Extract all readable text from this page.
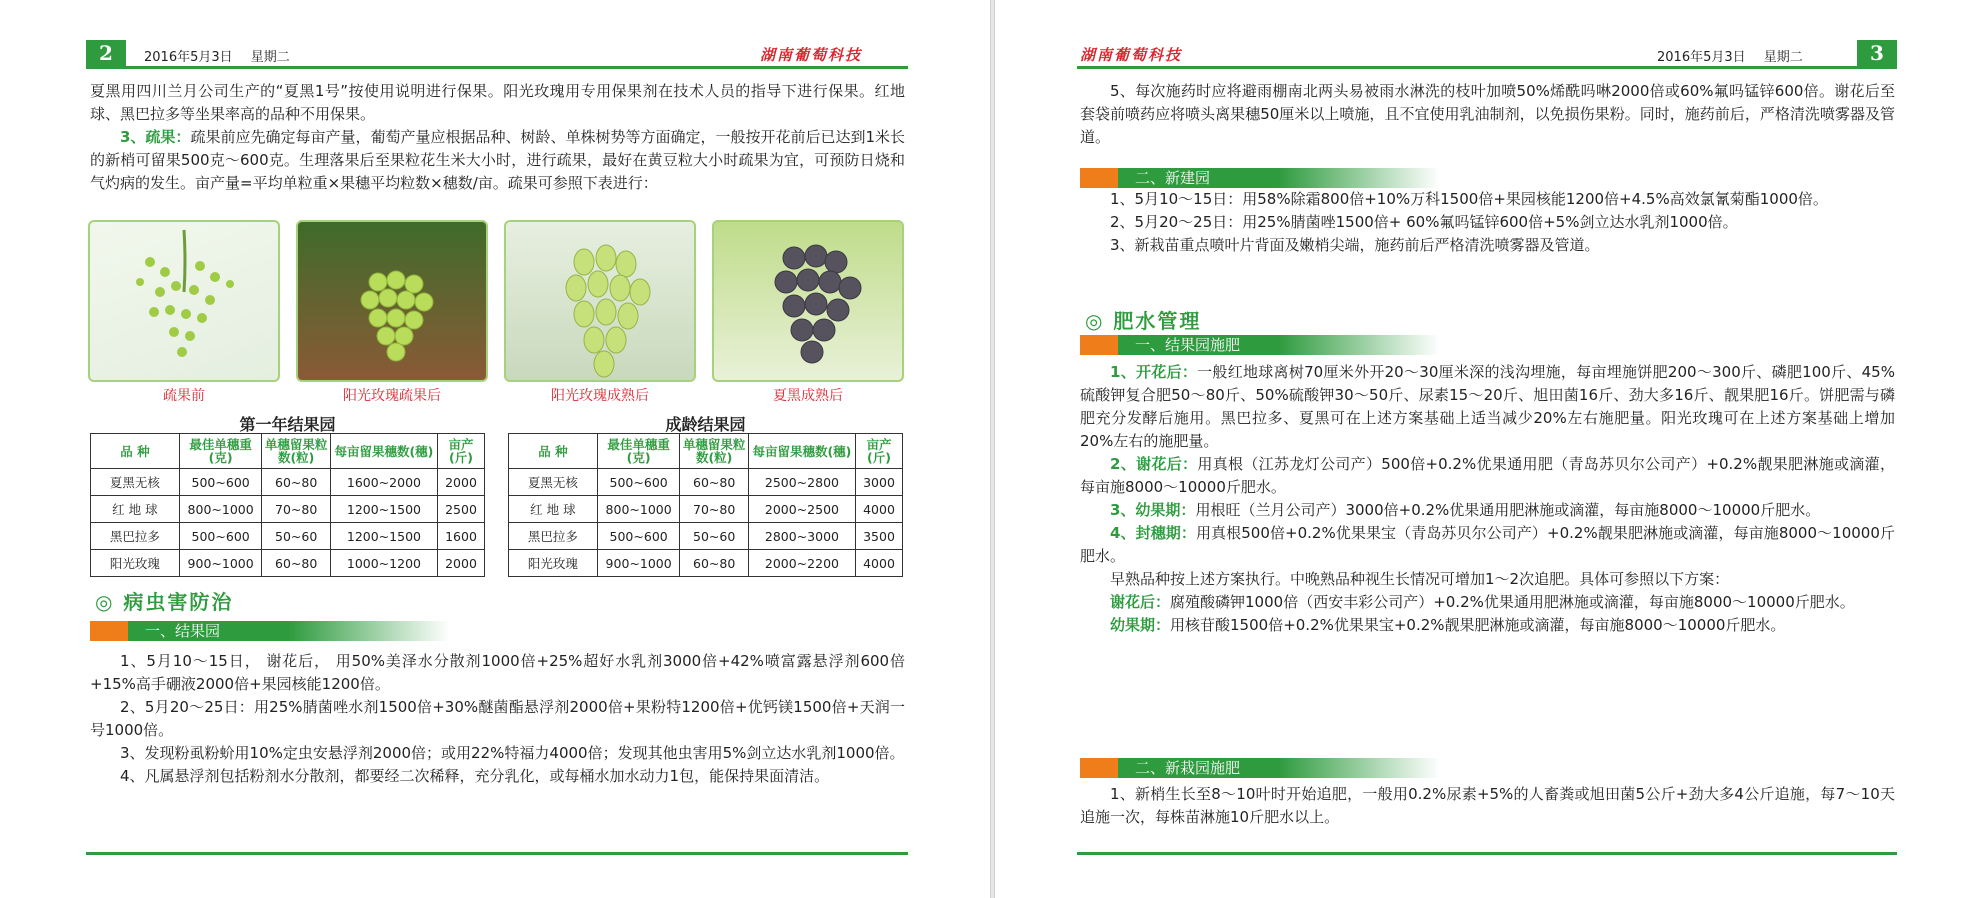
2	2016年5月3日 星期二	湖南葡萄科技

夏黑用四川兰月公司生产的“夏黑1号”按使用说明进行保果。阳光玫瑰用专用保果剂在技术人员的指导下进行保果。红地球、黑巴拉多等坐果率高的品种不用保果。

3、疏果：疏果前应先确定每亩产量，葡萄产量应根据品种、树龄、单株树势等方面确定，一般按开花前后已达到1米长的新梢可留果500克～600克。生理落果后至果粒花生米大小时，进行疏果，最好在黄豆粒大小时疏果为宜，可预防日烧和气灼病的发生。亩产量=平均单粒重×果穗平均粒数×穗数/亩。疏果可参照下表进行：

疏果前	阳光玫瑰疏果后	阳光玫瑰成熟后	夏黑成熟后
第一年结果园	成龄结果园
品 种	最佳单穗重(克)	单穗留果粒数(粒)	每亩留果穗数(穗)	亩产(斤)
夏黑无核	500~600	60~80	1600~2000	2000
红 地 球	800~1000	70~80	1200~1500	2500
黑巴拉多	500~600	50~60	1200~1500	1600
阳光玫瑰	900~1000	60~80	1000~1200	2000
品 种	最佳单穗重(克)	单穗留果粒数(粒)	每亩留果穗数(穗)	亩产(斤)
夏黑无核	500~600	60~80	2500~2800	3000
红 地 球	800~1000	70~80	2000~2500	4000
黑巴拉多	500~600	50~60	2800~3000	3500
阳光玫瑰	900~1000	60~80	2000~2200	4000
◎ 病虫害防治
一、结果园

1、5月10～15日， 谢花后， 用50%美泽水分散剂1000倍+25%超好水乳剂3000倍+42%喷富露悬浮剂600倍+15%高手硼液2000倍+果园核能1200倍。

2、5月20～25日：用25%腈菌唑水剂1500倍+30%醚菌酯悬浮剂2000倍+果粉特1200倍+优钙镁1500倍+天润一号1000倍。

3、发现粉虱粉蚧用10%定虫安悬浮剂2000倍；或用22%特福力4000倍；发现其他虫害用5%剑立达水乳剂1000倍。

4、凡属悬浮剂包括粉剂水分散剂，都要经二次稀释，充分乳化，或每桶水加水动力1包，能保持果面清洁。

湖南葡萄科技	2016年5月3日 星期二	3

5、每次施药时应将避雨棚南北两头易被雨水淋洗的枝叶加喷50%烯酰吗啉2000倍或60%氟吗锰锌600倍。谢花后至套袋前喷药应将喷头离果穗50厘米以上喷施，且不宜使用乳油制剂，以免损伤果粉。同时，施药前后，严格清洗喷雾器及管道。

二、新建园

1、5月10～15日：用58%除霜800倍+10%万科1500倍+果园核能1200倍+4.5%高效氯氰菊酯1000倍。

2、5月20～25日：用25%腈菌唑1500倍+ 60%氟吗锰锌600倍+5%剑立达水乳剂1000倍。

3、新栽苗重点喷叶片背面及嫩梢尖端，施药前后严格清洗喷雾器及管道。

◎ 肥水管理
一、结果园施肥

1、开花后：一般红地球离树70厘米外开20～30厘米深的浅沟埋施，每亩埋施饼肥200～300斤、磷肥100斤、45%硫酸钾复合肥50～80斤、50%硫酸钾30～50斤、尿素15～20斤、旭田菌16斤、劲大多16斤、靓果肥16斤。饼肥需与磷肥充分发酵后施用。黑巴拉多、夏黑可在上述方案基础上适当减少20%左右施肥量。阳光玫瑰可在上述方案基础上增加20%左右的施肥量。

2、谢花后：用真根（江苏龙灯公司产）500倍+0.2%优果通用肥（青岛苏贝尔公司产）+0.2%靓果肥淋施或滴灌，每亩施8000～10000斤肥水。

3、幼果期：用根旺（兰月公司产）3000倍+0.2%优果通用肥淋施或滴灌，每亩施8000～10000斤肥水。

4、封穗期：用真根500倍+0.2%优果果宝（青岛苏贝尔公司产）+0.2%靓果肥淋施或滴灌，每亩施8000～10000斤肥水。

早熟品种按上述方案执行。中晚熟品种视生长情况可增加1～2次追肥。具体可参照以下方案：

谢花后：腐殖酸磷钾1000倍（西安丰彩公司产）+0.2%优果通用肥淋施或滴灌，每亩施8000～10000斤肥水。

幼果期：用核苷酸1500倍+0.2%优果果宝+0.2%靓果肥淋施或滴灌，每亩施8000～10000斤肥水。

二、新栽园施肥

1、新梢生长至8～10叶时开始追肥，一般用0.2%尿素+5%的人畜粪或旭田菌5公斤+劲大多4公斤追施，每7～10天追施一次，每株苗淋施10斤肥水以上。
